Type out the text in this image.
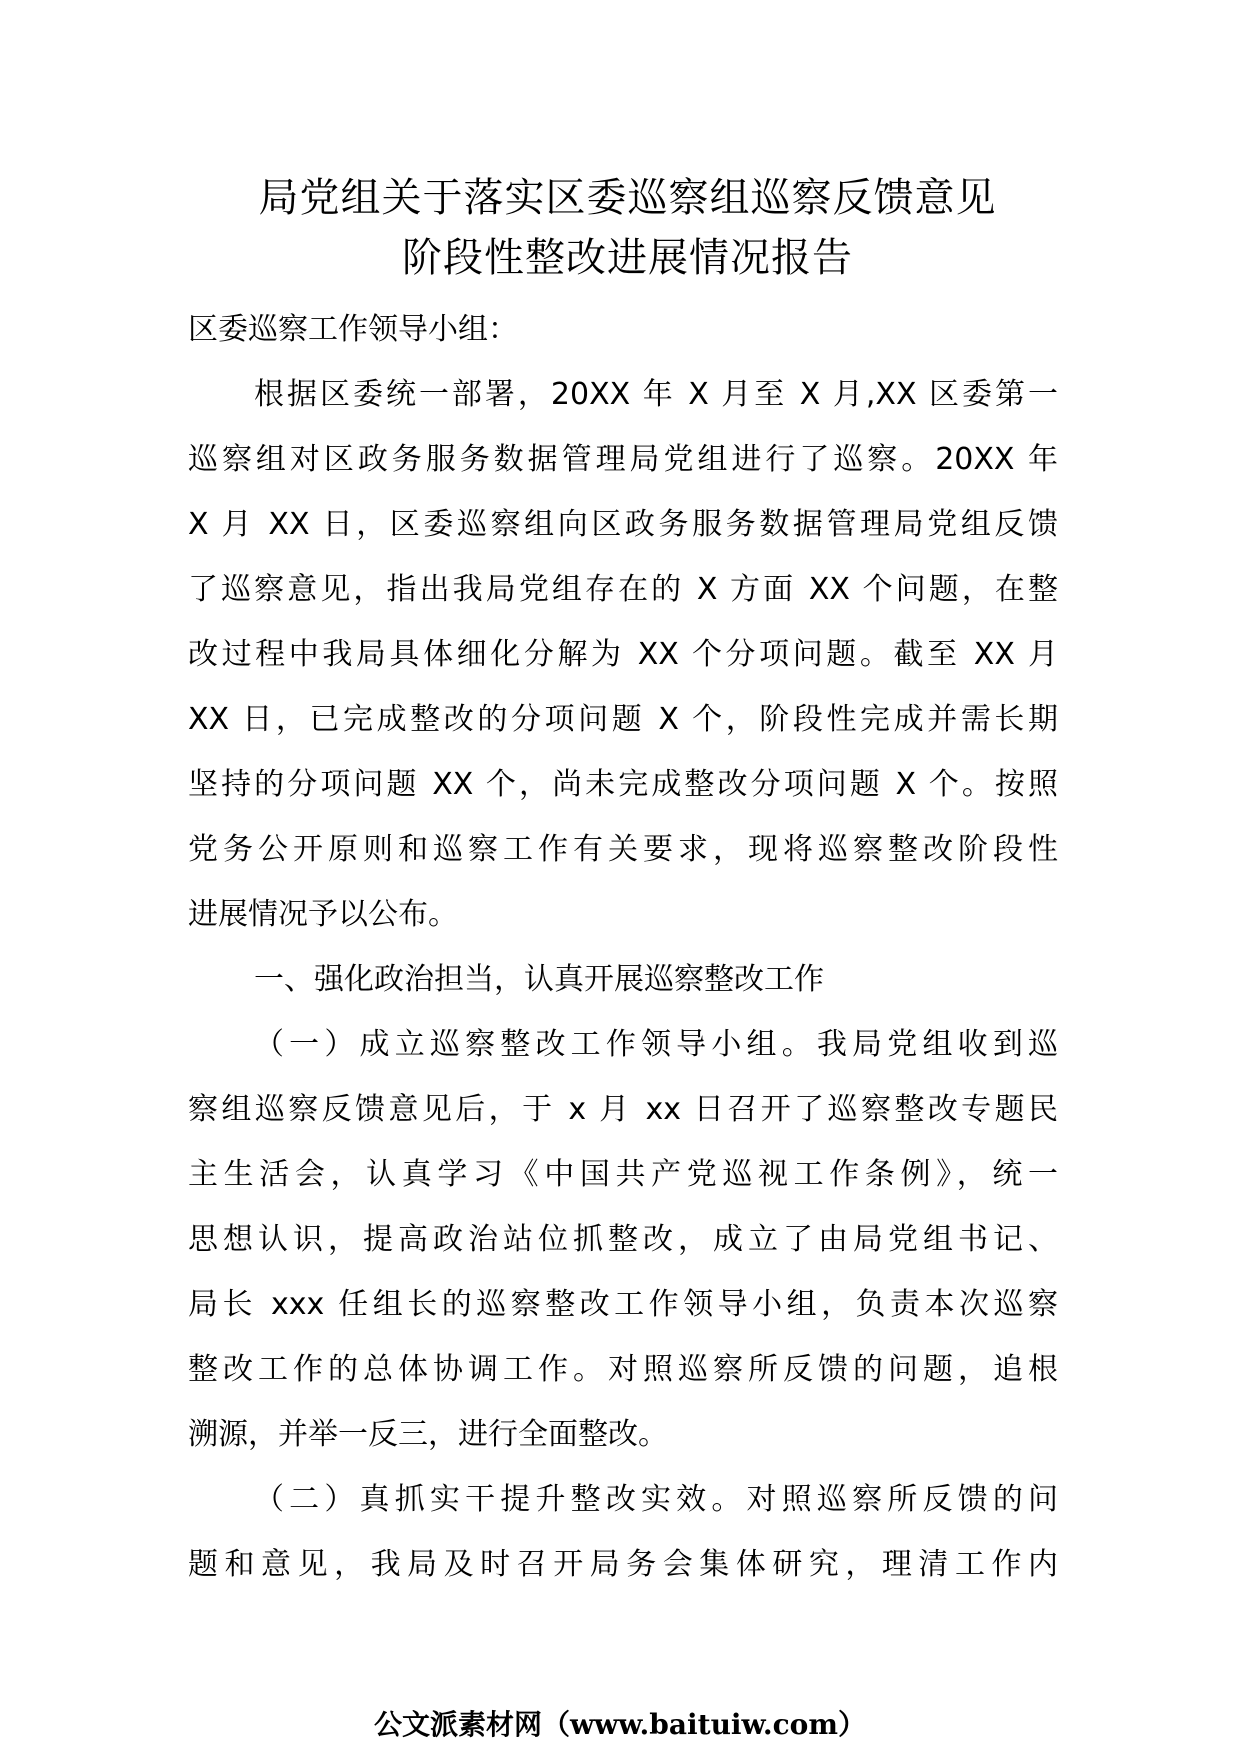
局党组关于落实区委巡察组巡察反馈意见
阶段性整改进展情况报告
区委巡察工作领导小组：
根据区委统一部署，20XX 年 X 月至 X 月,XX 区委第一
巡察组对区政务服务数据管理局党组进行了巡察。20XX 年
X 月 XX 日，区委巡察组向区政务服务数据管理局党组反馈
了巡察意见，指出我局党组存在的 X 方面 XX 个问题，在整
改过程中我局具体细化分解为 XX 个分项问题。截至 XX 月
XX 日，已完成整改的分项问题 X 个，阶段性完成并需长期
坚持的分项问题 XX 个，尚未完成整改分项问题 X 个。按照
党务公开原则和巡察工作有关要求，现将巡察整改阶段性
进展情况予以公布。
一、强化政治担当，认真开展巡察整改工作
（一）成立巡察整改工作领导小组。我局党组收到巡
察组巡察反馈意见后，于 x 月 xx 日召开了巡察整改专题民
主生活会，认真学习《中国共产党巡视工作条例》，统一
思想认识，提高政治站位抓整改，成立了由局党组书记、
局长 xxx 任组长的巡察整改工作领导小组，负责本次巡察
整改工作的总体协调工作。对照巡察所反馈的问题，追根
溯源，并举一反三，进行全面整改。
（二）真抓实干提升整改实效。对照巡察所反馈的问
题和意见，我局及时召开局务会集体研究，理清工作内
公文派素材网（www.baituiw.com）
